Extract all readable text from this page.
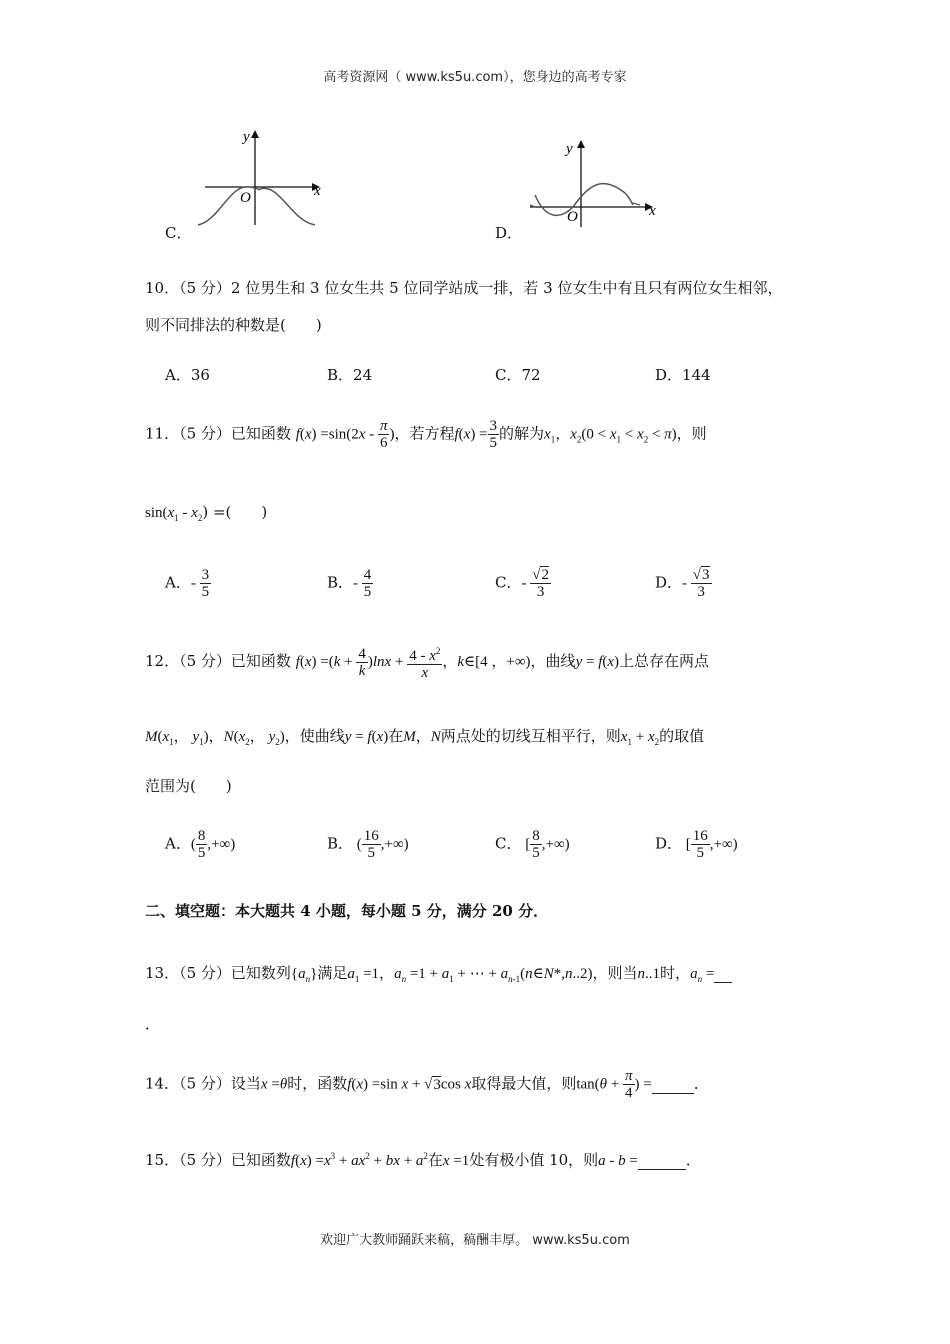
高考资源网（ www.ks5u.com），您身边的高考专家
x
y
O
C．
x
y
O
D．
10．（5 分）2 位男生和 3 位女生共 5 位同学站成一排，若 3 位女生中有且只有两位女生相邻，
则不同排法的种数是(　　)
A．36	B．24	C．72	D．144
11．（5 分）已知函数 $f(x) =\sin(2x - \frac{\pi}{6}$ )，若方程$f(x) = \frac{3}{5}$ 的解为$x_1$，$x_2(0 < x_1 < x_2 < \pi)$，则
$\sin(x_1 - x_2)$ =(　　)
A．- $\frac{3}{5}$	B．- $\frac{4}{5}$	C．- $\frac{√2}{3}$	D．- $\frac{√3}{3}$
12．（5 分）已知函数 $f(x) =(k + \frac{4}{k} )\ln x + \frac{4 - x^2}{x}$ ，k∈[4 ，+∞)，曲线y = f(x)上总存在两点
$M(x_1$， $y_1$)，$N(x_2$， $y_2$)，使曲线y = f(x)在M，N两点处的切线互相平行，则$x_1 + x_2$的取值
范围为(　　)
A．( $\frac{8}{5}$ ,+∞)	B． ( $\frac{16}{5}$ ,+∞)	C． [ $\frac{8}{5}$ ,+∞)	D． [ $\frac{16}{5}$ ,+∞)
二、填空题：本大题共 4 小题，每小题 5 分，满分 20 分．
13．（5 分）已知数列$\{a_n\}$满足$a_1 =1$，$a_n =1 + a_1$ + ⋯ + $a_{n-1}(n\in N*,n..2)$，则当n..1时，$a_n$ =
．
14．（5 分）设当x =θ时，函数f(x) =sin x + √3cos x取得最大值，则$\tan(\theta + \frac{\pi}{4}$ ) =	．
15．（5 分）已知函数$f(x) =x^3 + ax^2$ + bx + $a^2$在x =1处有极小值 10，则a - b =	．
欢迎广大教师踊跃来稿，稿酬丰厚。 www.ks5u.com
